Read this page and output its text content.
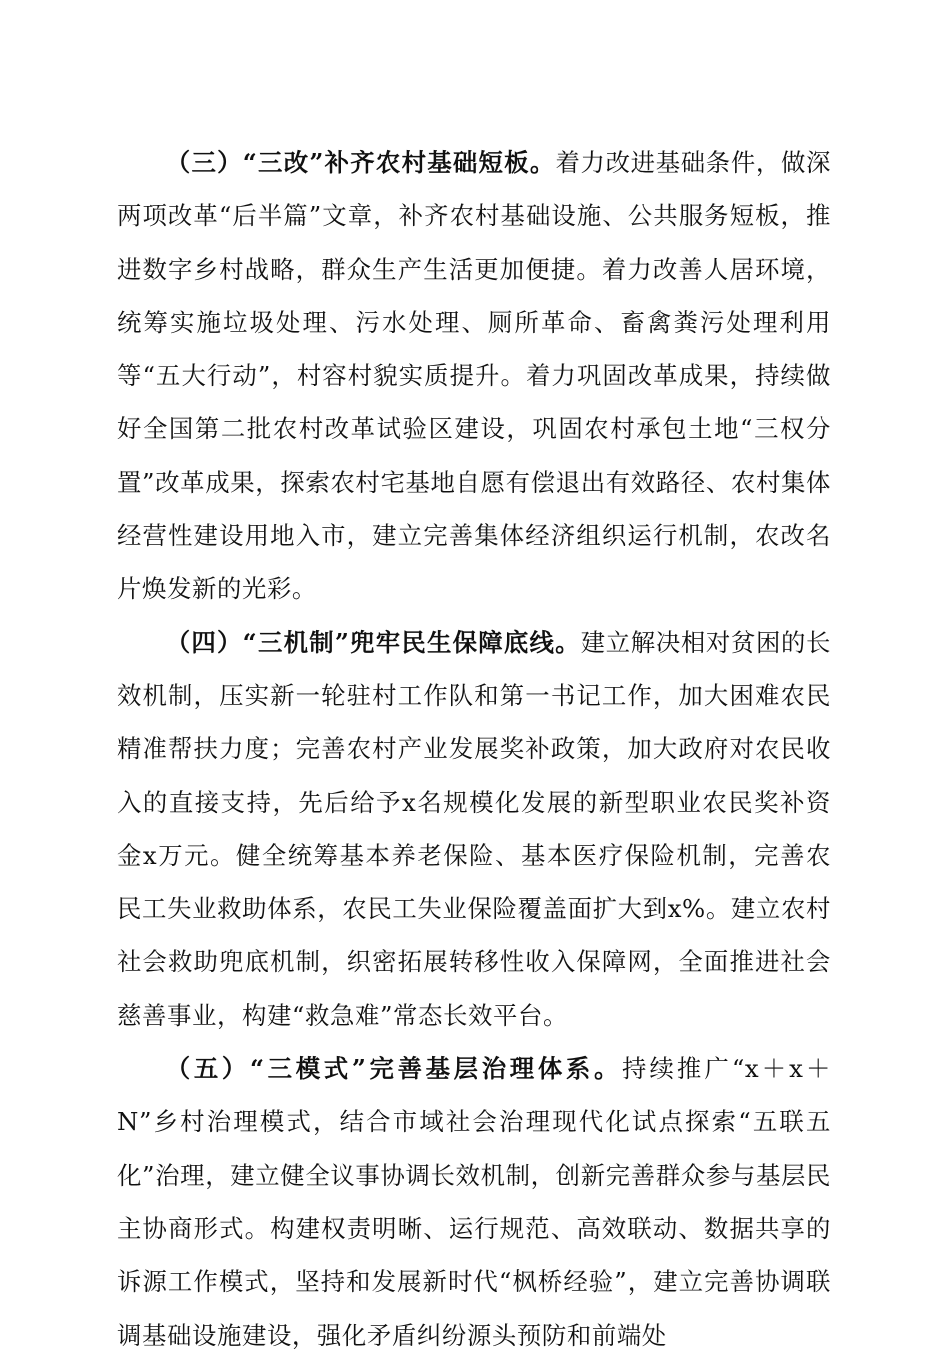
（三）“三改”补齐农村基础短板。着力改进基础条件，做深两项改革“后半篇”文章，补齐农村基础设施、公共服务短板，推进数字乡村战略，群众生产生活更加便捷。着力改善人居环境，统筹实施垃圾处理、污水处理、厕所革命、畜禽粪污处理利用等“五大行动”，村容村貌实质提升。着力巩固改革成果，持续做好全国第二批农村改革试验区建设，巩固农村承包土地“三权分置”改革成果，探索农村宅基地自愿有偿退出有效路径、农村集体经营性建设用地入市，建立完善集体经济组织运行机制，农改名片焕发新的光彩。

（四）“三机制”兜牢民生保障底线。建立解决相对贫困的长效机制，压实新一轮驻村工作队和第一书记工作，加大困难农民精准帮扶力度；完善农村产业发展奖补政策，加大政府对农民收入的直接支持，先后给予x名规模化发展的新型职业农民奖补资金x万元。健全统筹基本养老保险、基本医疗保险机制，完善农民工失业救助体系，农民工失业保险覆盖面扩大到x%。建立农村社会救助兜底机制，织密拓展转移性收入保障网，全面推进社会慈善事业，构建“救急难”常态长效平台。

（五）“三模式”完善基层治理体系。持续推广“x＋x＋N”乡村治理模式，结合市域社会治理现代化试点探索“五联五化”治理，建立健全议事协调长效机制，创新完善群众参与基层民主协商形式。构建权责明晰、运行规范、高效联动、数据共享的诉源工作模式，坚持和发展新时代“枫桥经验”，建立完善协调联调基础设施建设，强化矛盾纠纷源头预防和前端处
